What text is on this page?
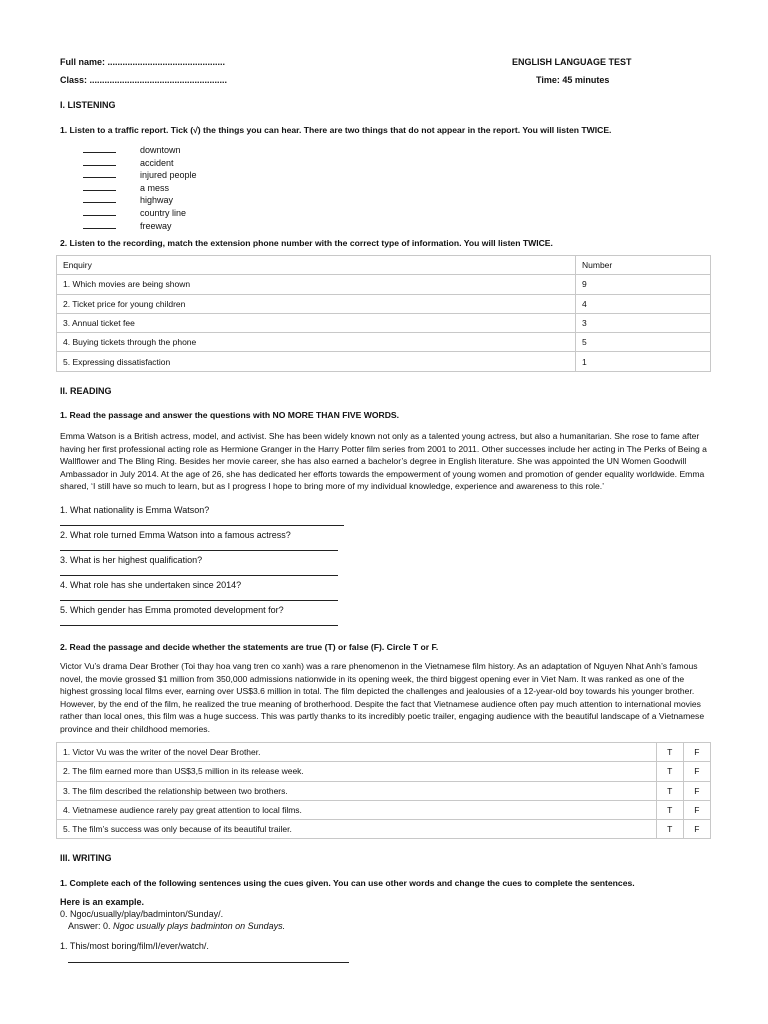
Full name: ...............................................
Class: .......................................................
ENGLISH LANGUAGE TEST
Time: 45 minutes
I. LISTENING
1. Listen to a traffic report. Tick (√) the things you can hear. There are two things that do not appear in the report. You will listen TWICE.
downtown
accident
injured people
a mess
highway
country line
freeway
2. Listen to the recording, match the extension phone number with the correct type of information. You will listen TWICE.
Enquiry	Number
1. Which movies are being shown	9
2. Ticket price for young children	4
3. Annual ticket fee	3
4. Buying tickets through the phone	5
5. Expressing dissatisfaction	1
II. READING
1. Read the passage and answer the questions with NO MORE THAN FIVE WORDS.
Emma Watson is a British actress, model, and activist. She has been widely known not only as a talented young actress, but also a humanitarian. She rose to fame after having her first professional acting role as Hermione Granger in the Harry Potter film series from 2001 to 2011. Other successes include her acting in The Perks of Being a Wallflower and The Bling Ring. Besides her movie career, she has also earned a bachelor’s degree in English literature. She was appointed the UN Women Goodwill Ambassador in July 2014. At the age of 26, she has dedicated her efforts towards the empowerment of young women and promotion of gender equality worldwide. Emma shared, ‘I still have so much to learn, but as I progress I hope to bring more of my individual knowledge, experience and awareness to this role.’
1. What nationality is Emma Watson?
2. What role turned Emma Watson into a famous actress?
3. What is her highest qualification?
4. What role has she undertaken since 2014?
5. Which gender has Emma promoted development for?
2. Read the passage and decide whether the statements are true (T) or false (F). Circle T or F.
Victor Vu’s drama Dear Brother (Toi thay hoa vang tren co xanh) was a rare phenomenon in the Vietnamese film history. As an adaptation of Nguyen Nhat Anh’s famous novel, the movie grossed $1 million from 350,000 admissions nationwide in its opening week, the third biggest opening ever in Viet Nam. It was ranked as one of the highest grossing local films ever, earning over US$3.6 million in total. The film depicted the challenges and jealousies of a 12-year-old boy towards his younger brother. However, by the end of the film, he realized the true meaning of brotherhood. Despite the fact that Vietnamese audience often pay much attention to international movies rather than local ones, this film was a huge success. This was partly thanks to its incredibly poetic trailer, engaging audience with the beautiful landscape of a Vietnamese province and their childhood memories.
1. Victor Vu was the writer of the novel Dear Brother.	T	F
2. The film earned more than US$3,5 million in its release week.	T	F
3. The film described the relationship between two brothers.	T	F
4. Vietnamese audience rarely pay great attention to local films.	T	F
5. The film’s success was only because of its beautiful trailer.	T	F
III. WRITING
1. Complete each of the following sentences using the cues given. You can use other words and change the cues to complete the sentences.
Here is an example.
0. Ngoc/usually/play/badminton/Sunday/.
Answer: 0. Ngoc usually plays badminton on Sundays.
1. This/most boring/film/I/ever/watch/.
